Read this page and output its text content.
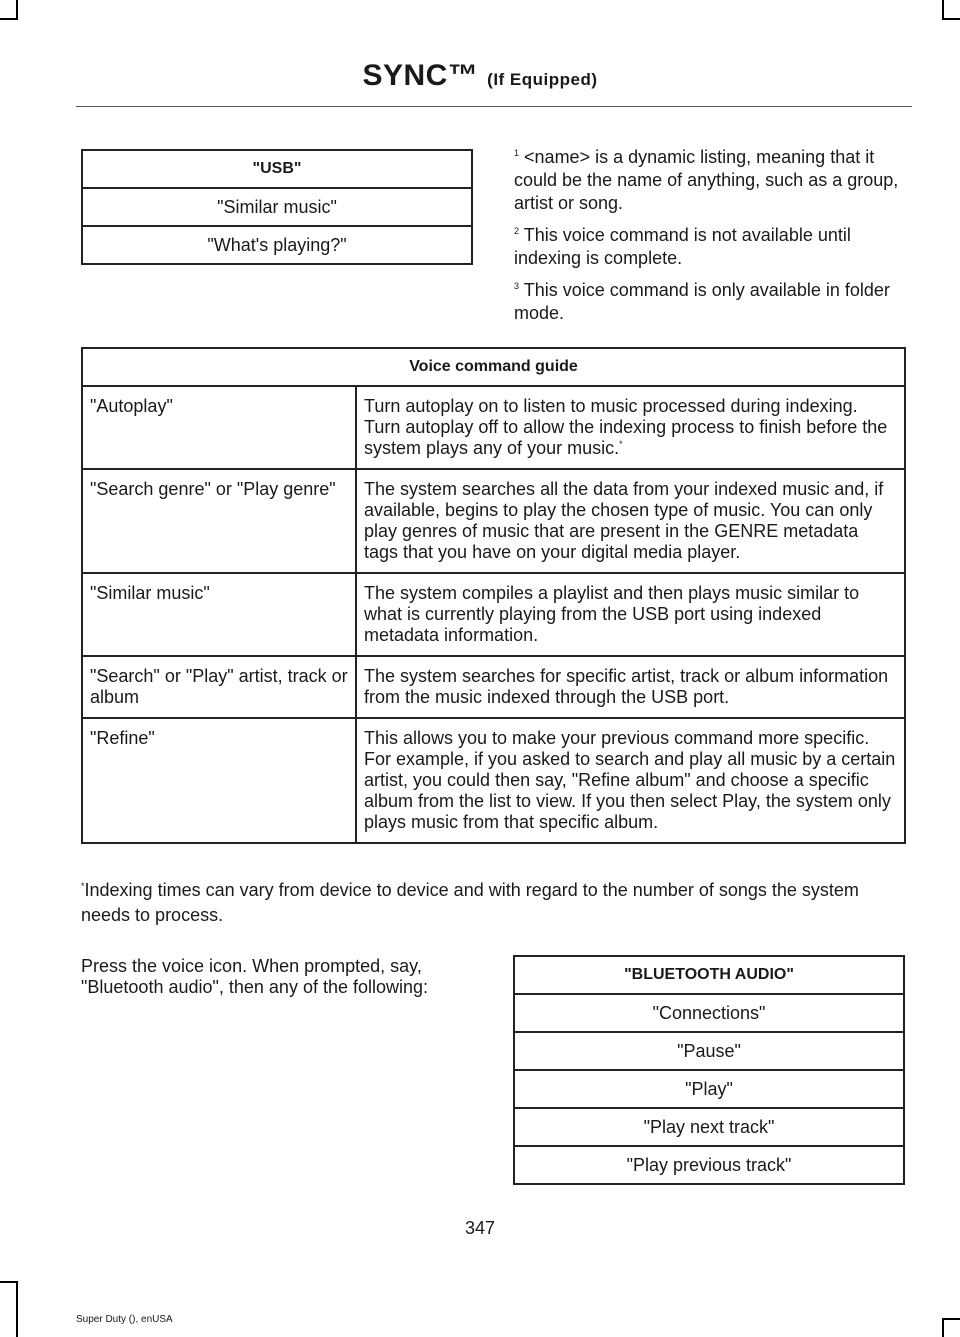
SYNC™ (If Equipped)
"USB"
"Similar music"
"What's playing?"

$^1$ <name> is a dynamic listing, meaning that it could be the name of anything, such as a group, artist or song.

$^2$ This voice command is not available until indexing is complete.

$^3$ This voice command is only available in folder mode.

Voice command guide	
"Autoplay"	Turn autoplay on to listen to music processed during indexing. Turn autoplay off to allow the indexing process to finish before the system plays any of your music.*
"Search genre" or "Play genre"	The system searches all the data from your indexed music and, if available, begins to play the chosen type of music. You can only play genres of music that are present in the GENRE metadata tags that you have on your digital media player.
"Similar music"	The system compiles a playlist and then plays music similar to what is currently playing from the USB port using indexed metadata information.
"Search" or "Play" artist, track or album	The system searches for specific artist, track or album information from the music indexed through the USB port.
"Refine"	This allows you to make your previous command more specific. For example, if you asked to search and play all music by a certain artist, you could then say, "Refine album" and choose a specific album from the list to view. If you then select Play, the system only plays music from that specific album.
*Indexing times can vary from device to device and with regard to the number of songs the system needs to process.
Press the voice icon. When prompted, say, "Bluetooth audio", then any of the following:
"BLUETOOTH AUDIO"
"Connections"
"Pause"
"Play"
"Play next track"
"Play previous track"
347
Super Duty (), enUSA
